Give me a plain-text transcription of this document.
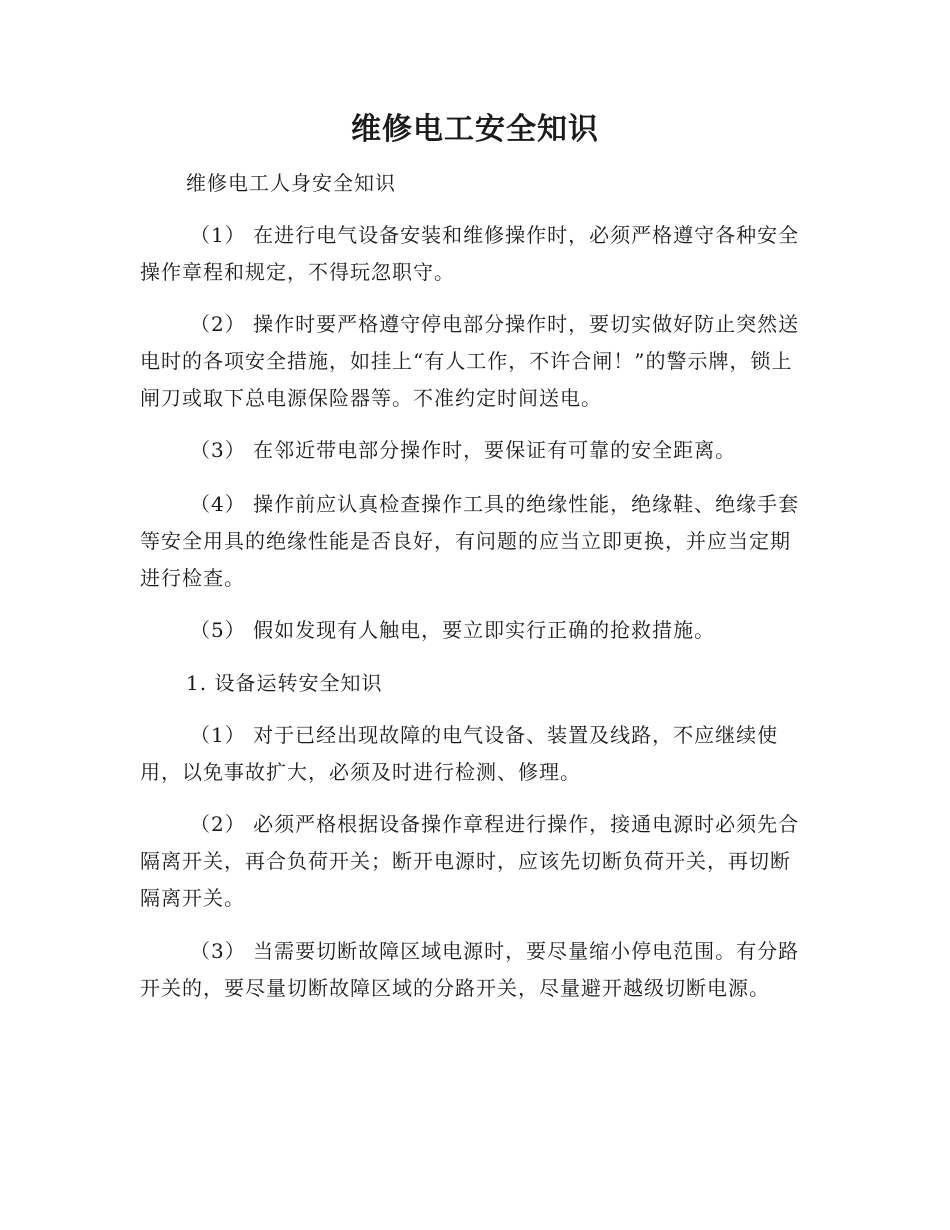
维修电工安全知识

维修电工人身安全知识

（1） 在进行电气设备安装和维修操作时，必须严格遵守各种安全操作章程和规定，不得玩忽职守。

（2） 操作时要严格遵守停电部分操作时，要切实做好防止突然送电时的各项安全措施，如挂上“有人工作，不许合闸！”的警示牌，锁上闸刀或取下总电源保险器等。不准约定时间送电。

（3） 在邻近带电部分操作时，要保证有可靠的安全距离。

（4） 操作前应认真检查操作工具的绝缘性能，绝缘鞋、绝缘手套等安全用具的绝缘性能是否良好，有问题的应当立即更换，并应当定期进行检查。

（5） 假如发现有人触电，要立即实行正确的抢救措施。

1. 设备运转安全知识

（1） 对于已经出现故障的电气设备、装置及线路，不应继续使用，以免事故扩大，必须及时进行检测、修理。

（2） 必须严格根据设备操作章程进行操作，接通电源时必须先合隔离开关，再合负荷开关；断开电源时，应该先切断负荷开关，再切断隔离开关。

（3） 当需要切断故障区域电源时，要尽量缩小停电范围。有分路开关的，要尽量切断故障区域的分路开关，尽量避开越级切断电源。
